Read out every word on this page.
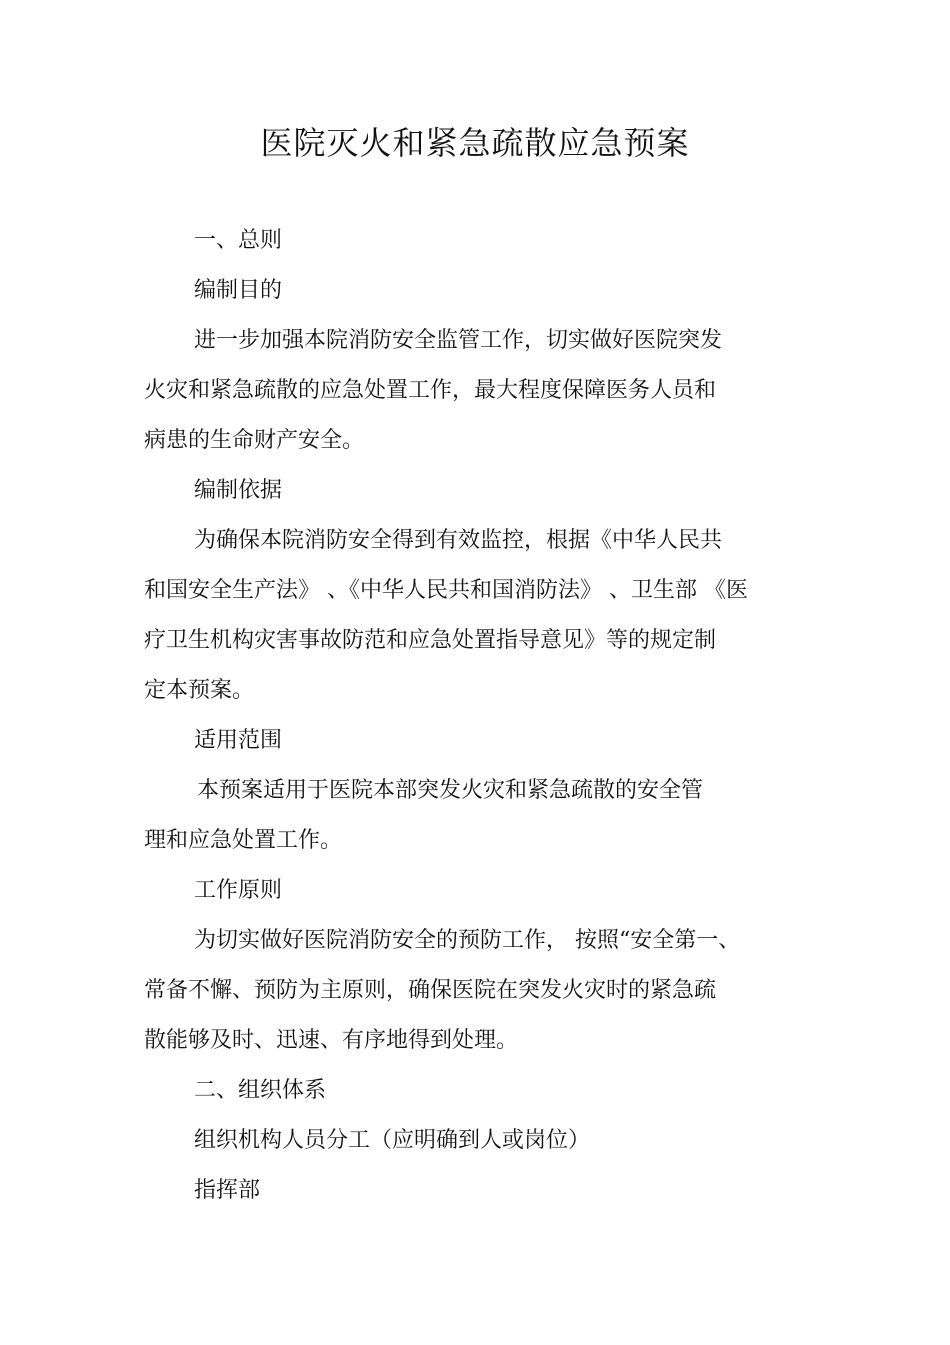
医院灭火和紧急疏散应急预案
一、总则
编制目的
进一步加强本院消防安全监管工作，切实做好医院突发
火灾和紧急疏散的应急处置工作，最大程度保障医务人员和
病患的生命财产安全。
编制依据
为确保本院消防安全得到有效监控，根据《中华人民共
和国安全生产法》 、《中华人民共和国消防法》 、卫生部 《医
疗卫生机构灾害事故防范和应急处置指导意见》等的规定制
定本预案。
适用范围
本预案适用于医院本部突发火灾和紧急疏散的安全管
理和应急处置工作。
工作原则
为切实做好医院消防安全的预防工作， 按照“安全第一、
常备不懈、预防为主原则，确保医院在突发火灾时的紧急疏
散能够及时、迅速、有序地得到处理。
二、组织体系
组织机构人员分工（应明确到人或岗位）
指挥部
